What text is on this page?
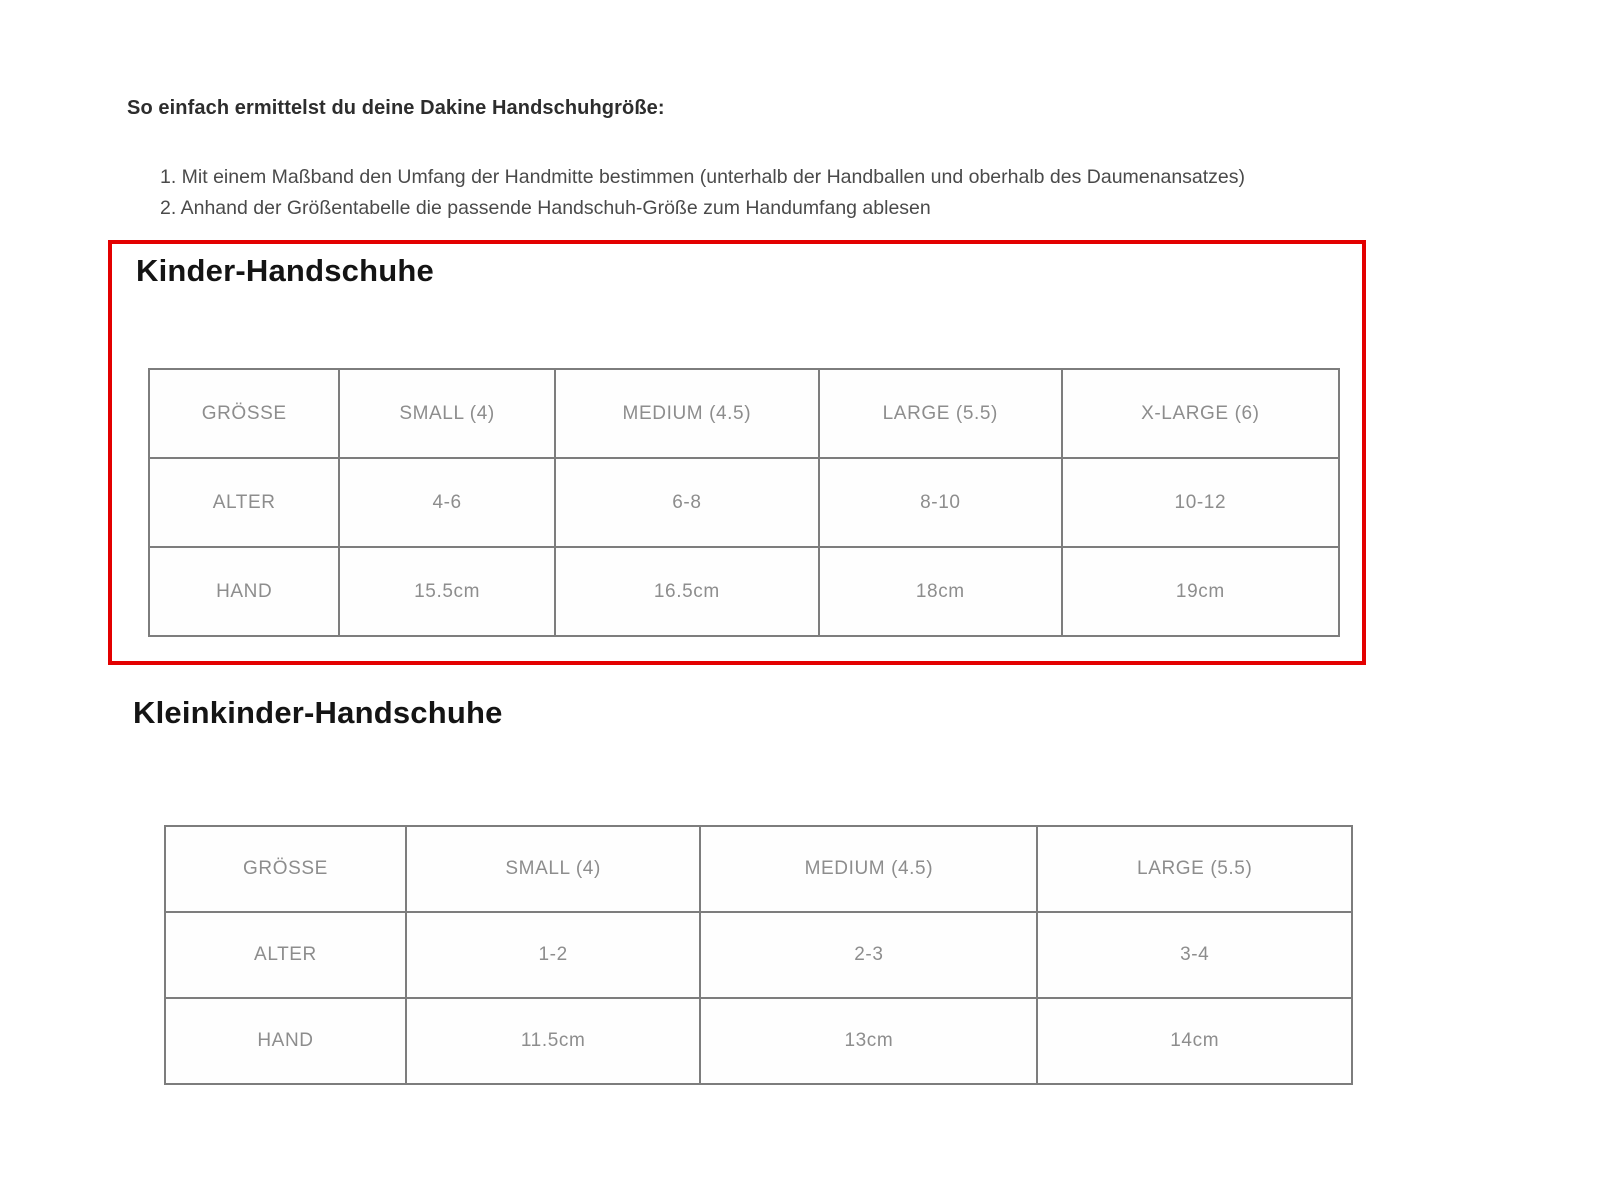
So einfach ermittelst du deine Dakine Handschuhgröße:
1. Mit einem Maßband den Umfang der Handmitte bestimmen (unterhalb der Handballen und oberhalb des Daumenansatzes)
2. Anhand der Größentabelle die passende Handschuh-Größe zum Handumfang ablesen
Kinder-Handschuhe
GRÖSSE	SMALL (4)	MEDIUM (4.5)	LARGE (5.5)	X-LARGE (6)
ALTER	4-6	6-8	8-10	10-12
HAND	15.5cm	16.5cm	18cm	19cm
Kleinkinder-Handschuhe
GRÖSSE	SMALL (4)	MEDIUM (4.5)	LARGE (5.5)
ALTER	1-2	2-3	3-4
HAND	11.5cm	13cm	14cm
